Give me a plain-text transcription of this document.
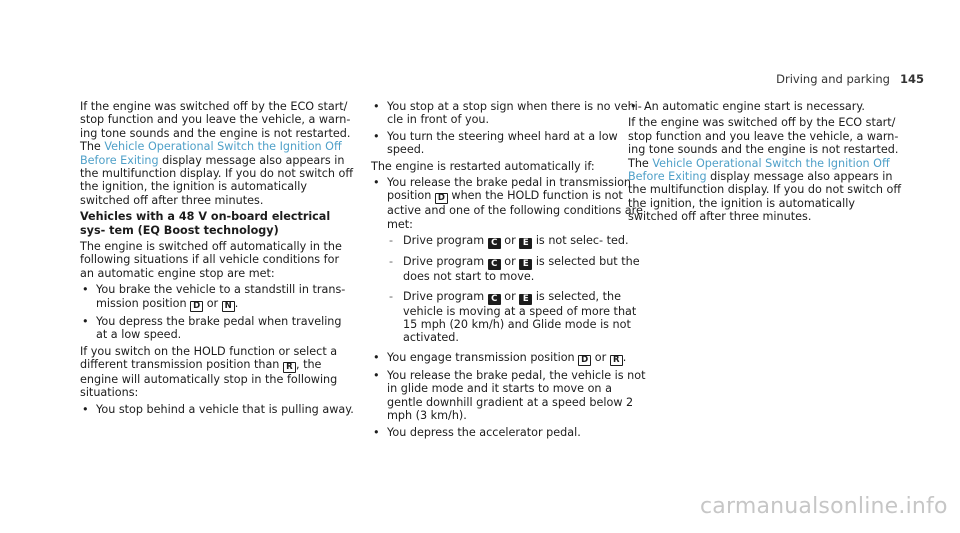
Driving and parking 145

If the engine was switched off by the ECO start/ stop function and you leave the vehicle, a warn- ing tone sounds and the engine is not restarted. The Vehicle Operational Switch the Ignition Off Before Exiting display message also appears in the multifunction display. If you do not switch off the ignition, the ignition is automatically switched off after three minutes.

Vehicles with a 48 V on-board electrical sys- tem (EQ Boost technology)

The engine is switched off automatically in the following situations if all vehicle conditions for an automatic engine stop are met:

• You brake the vehicle to a standstill in trans- mission position D or N .
• You depress the brake pedal when traveling at a low speed.

If you switch on the HOLD function or select a different transmission position than R , the engine will automatically stop in the following situations:

• You stop behind a vehicle that is pulling away.
• You stop at a stop sign when there is no vehi- cle in front of you.
• You turn the steering wheel hard at a low speed.

The engine is restarted automatically if:

• You release the brake pedal in transmission position D when the HOLD function is not active and one of the following conditions are met:
- Drive program C or E is not selec- ted.
- Drive program C or E is selected but the does not start to move.
- Drive program C or E is selected, the vehicle is moving at a speed of more that 15 mph (20 km/h) and Glide mode is not activated.
• You engage transmission position D or R .
• You release the brake pedal, the vehicle is not in glide mode and it starts to move on a gentle downhill gradient at a speed below 2 mph (3 km/h).
• You depress the accelerator pedal.
• An automatic engine start is necessary.

If the engine was switched off by the ECO start/ stop function and you leave the vehicle, a warn- ing tone sounds and the engine is not restarted. The Vehicle Operational Switch the Ignition Off Before Exiting display message also appears in the multifunction display. If you do not switch off the ignition, the ignition is automatically switched off after three minutes.

carmanualsonline.info
